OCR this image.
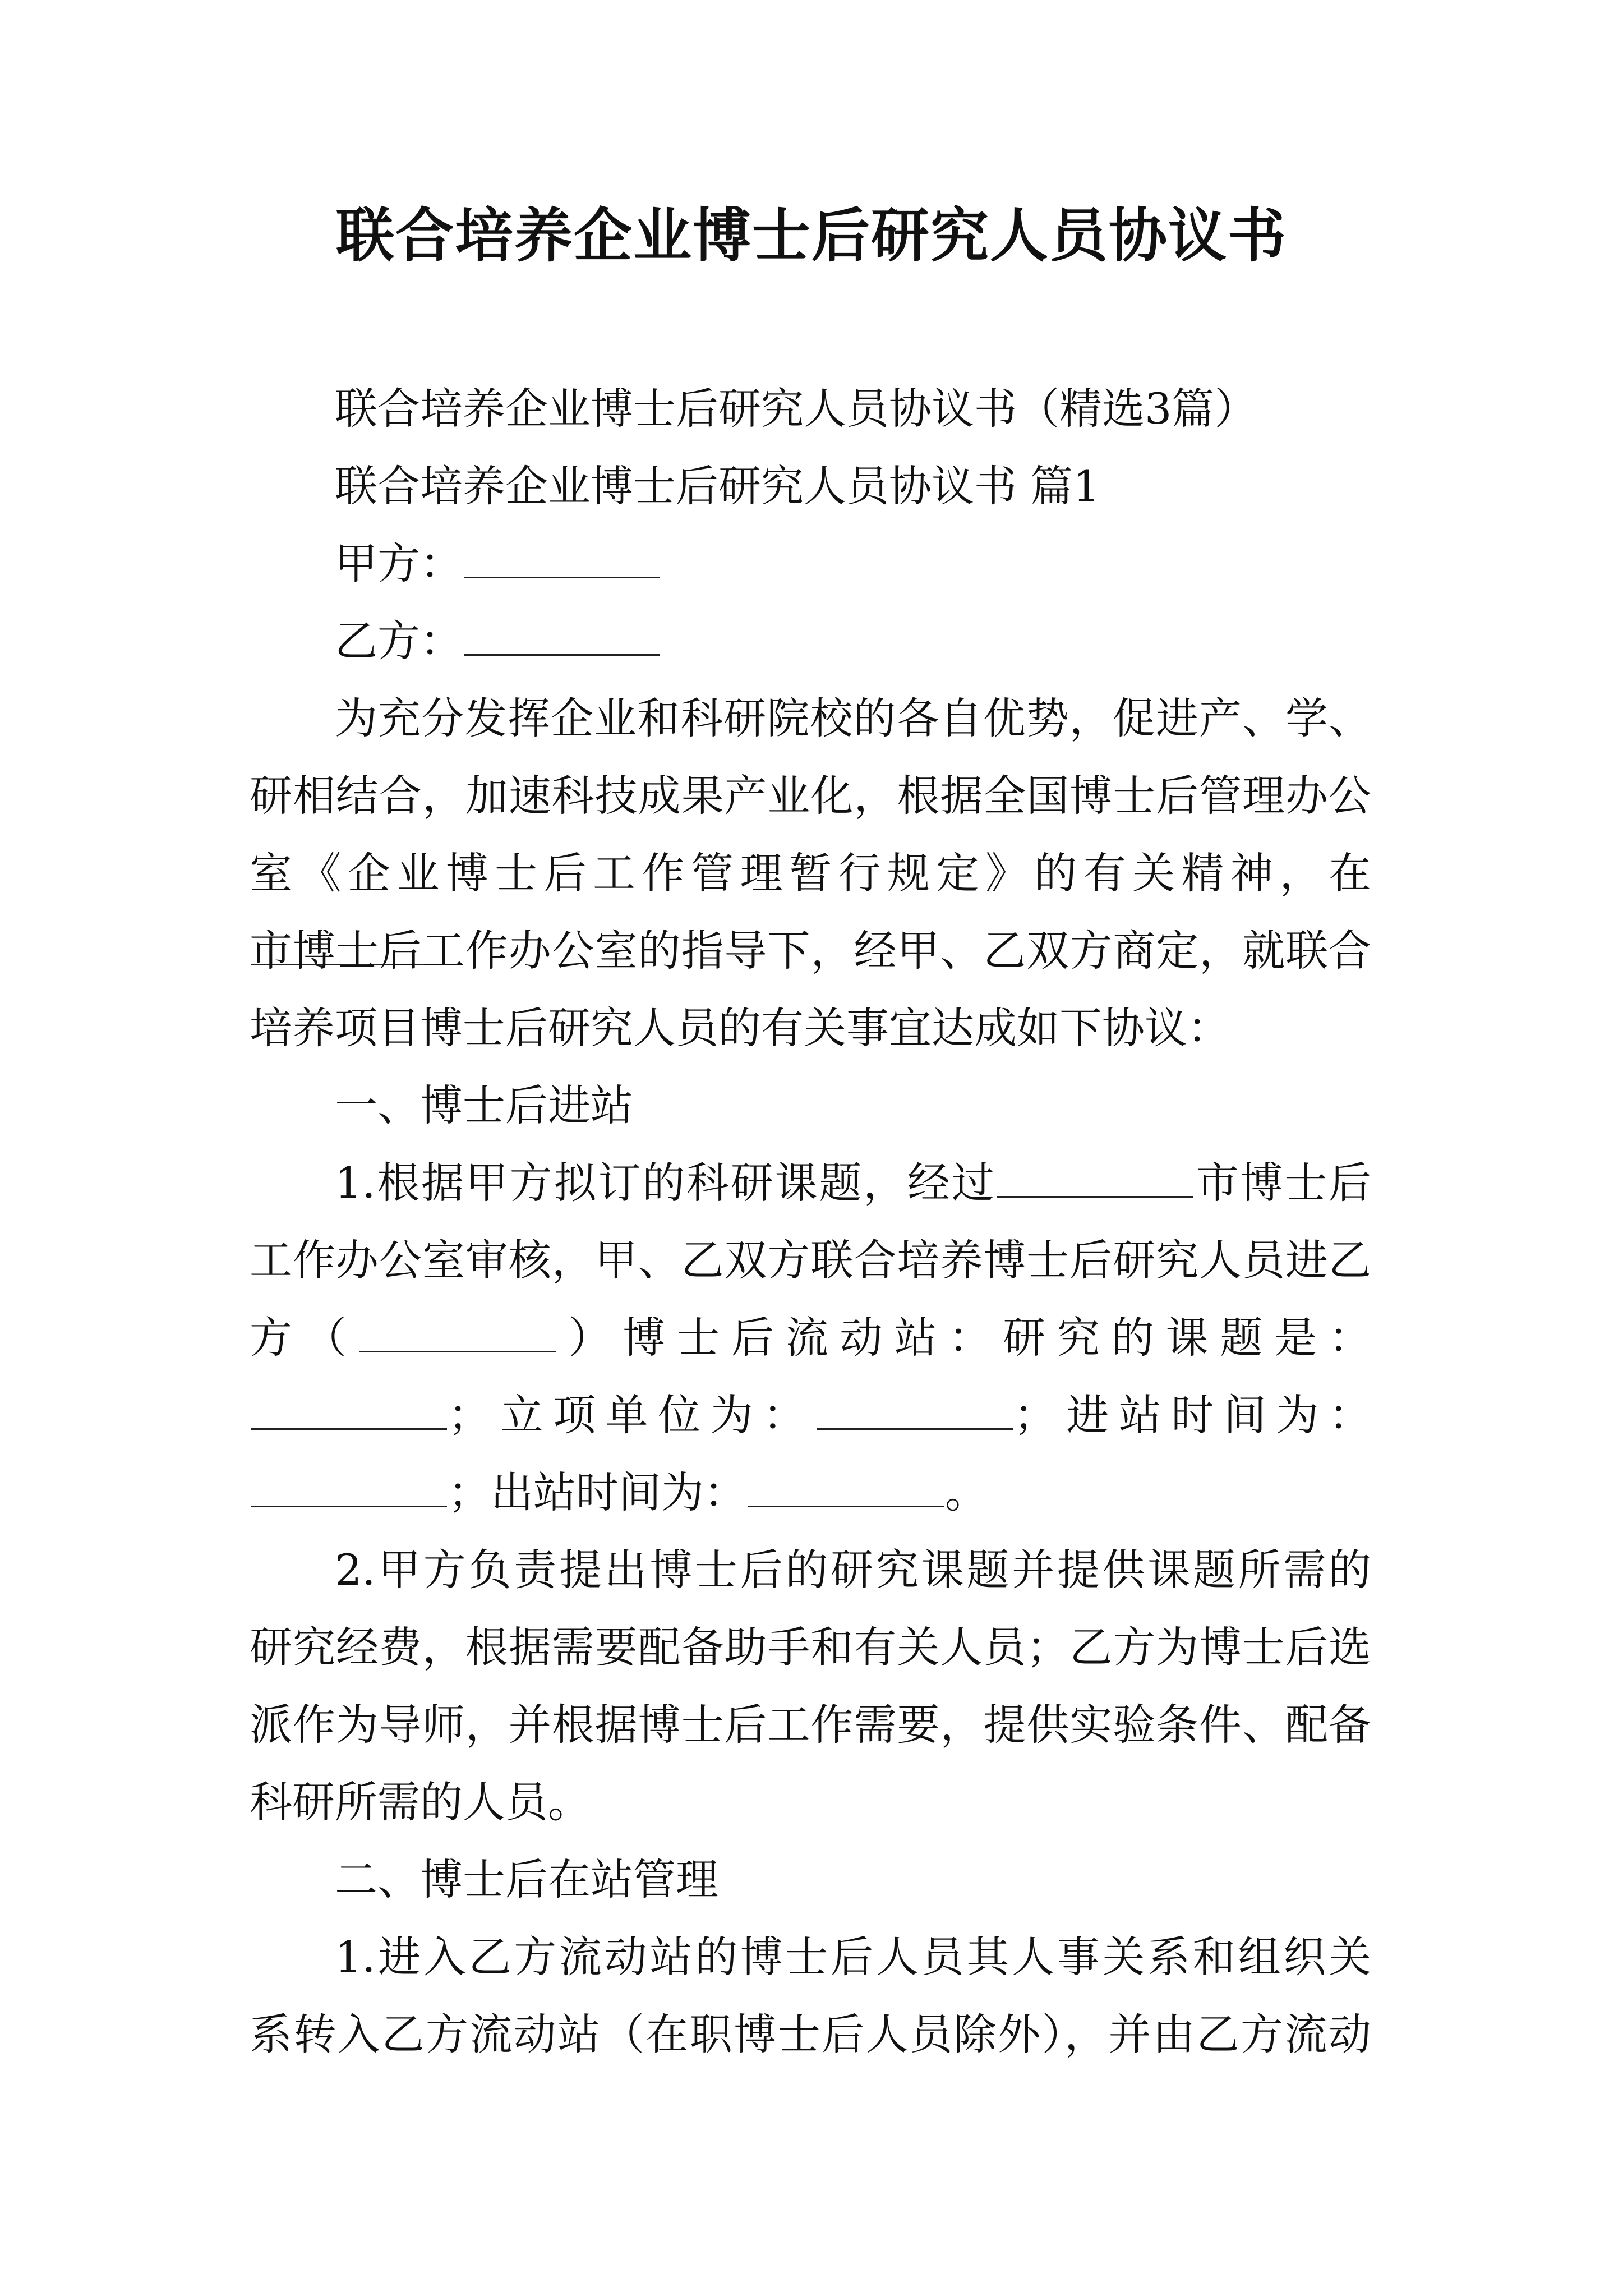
联合培养企业博士后研究人员协议书
联合培养企业博士后研究人员协议书（精选3篇）
联合培养企业博士后研究人员协议书 篇1
甲方：
乙方：
为充分发挥企业和科研院校的各自优势，促进产、学、
研相结合，加速科技成果产业化，根据全国博士后管理办公
室《企业博士后工作管理暂行规定》的有关精神，在
市博士后工作办公室的指导下，经甲、乙双方商定，就联合
培养项目博士后研究人员的有关事宜达成如下协议：
一、博士后进站
1.根据甲方拟订的科研课题，经过	市博士后
工作办公室审核，甲、乙双方联合培养博士后研究人员进乙
方（	）博士后流动站：研究的课题是：
；立项单位为：	；进站时间为：
；出站时间为：	。
2.甲方负责提出博士后的研究课题并提供课题所需的
研究经费，根据需要配备助手和有关人员；乙方为博士后选
派作为导师，并根据博士后工作需要，提供实验条件、配备
科研所需的人员。
二、博士后在站管理
1.进入乙方流动站的博士后人员其人事关系和组织关
系转入乙方流动站（在职博士后人员除外），并由乙方流动
